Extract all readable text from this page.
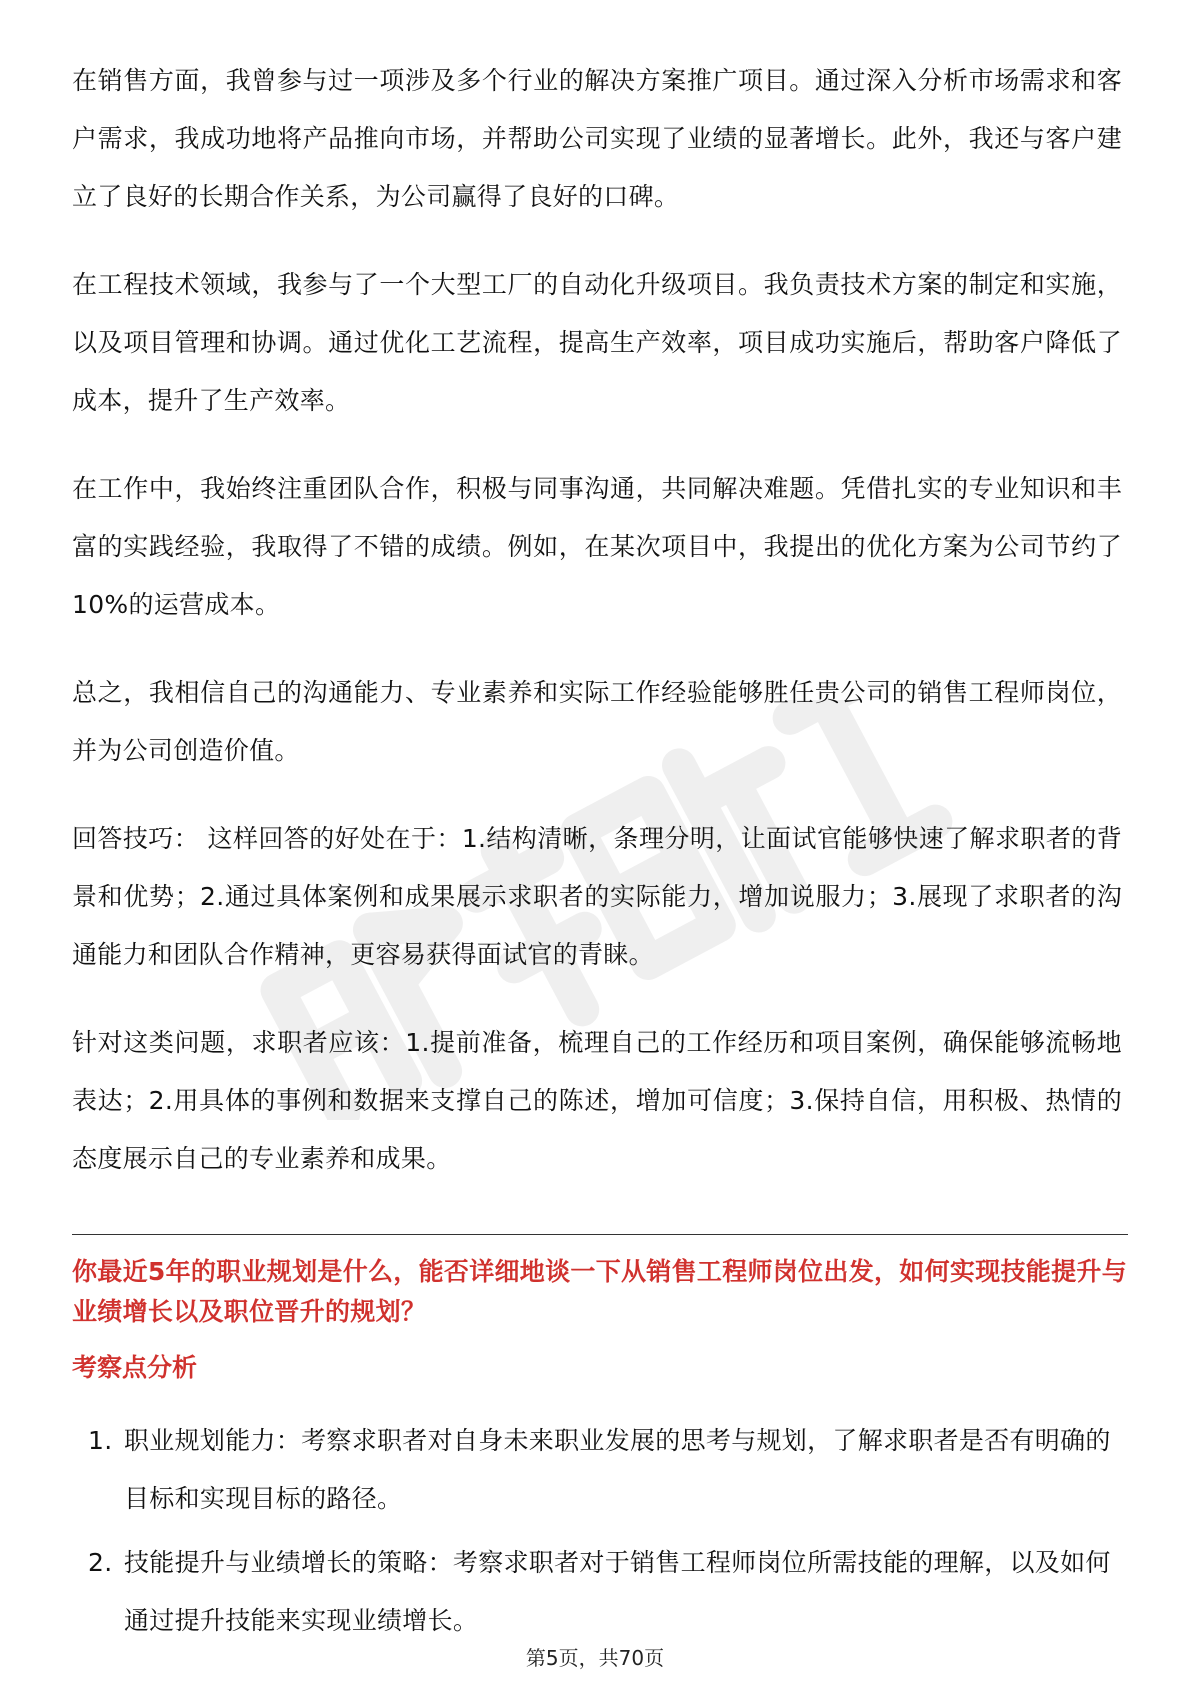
在销售方面，我曾参与过一项涉及多个行业的解决方案推广项目。通过深入分析市场需求和客户需求，我成功地将产品推向市场，并帮助公司实现了业绩的显著增长。此外，我还与客户建立了良好的长期合作关系，为公司赢得了良好的口碑。

在工程技术领域，我参与了一个大型工厂的自动化升级项目。我负责技术方案的制定和实施，以及项目管理和协调。通过优化工艺流程，提高生产效率，项目成功实施后，帮助客户降低了成本，提升了生产效率。

在工作中，我始终注重团队合作，积极与同事沟通，共同解决难题。凭借扎实的专业知识和丰富的实践经验，我取得了不错的成绩。例如，在某次项目中，我提出的优化方案为公司节约了10%的运营成本。

总之，我相信自己的沟通能力、专业素养和实际工作经验能够胜任贵公司的销售工程师岗位，并为公司创造价值。

回答技巧： 这样回答的好处在于：1.结构清晰，条理分明，让面试官能够快速了解求职者的背景和优势；2.通过具体案例和成果展示求职者的实际能力，增加说服力；3.展现了求职者的沟通能力和团队合作精神，更容易获得面试官的青睐。

针对这类问题，求职者应该：1.提前准备，梳理自己的工作经历和项目案例，确保能够流畅地表达；2.用具体的事例和数据来支撑自己的陈述，增加可信度；3.保持自信，用积极、热情的态度展示自己的专业素养和成果。

你最近5年的职业规划是什么，能否详细地谈一下从销售工程师岗位出发，如何实现技能提升与业绩增长以及职位晋升的规划？
考察点分析
1. 职业规划能力：考察求职者对自身未来职业发展的思考与规划，了解求职者是否有明确的目标和实现目标的路径。
2. 技能提升与业绩增长的策略：考察求职者对于销售工程师岗位所需技能的理解，以及如何通过提升技能来实现业绩增长。
第5页，共70页
